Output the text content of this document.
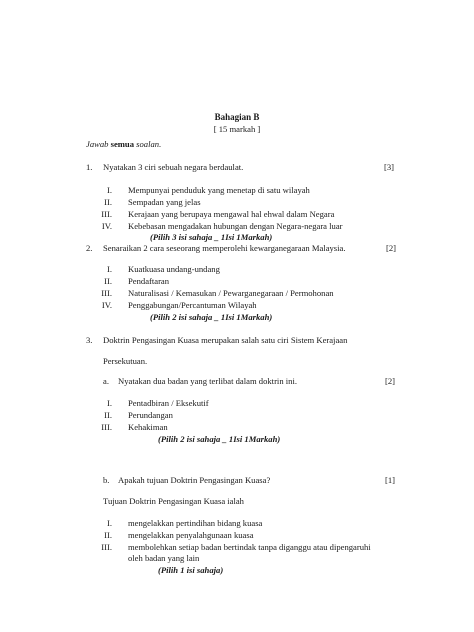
Bahagian B
[ 15 markah ]
Jawab semua soalan.
1. Nyatakan 3 ciri sebuah negara berdaulat.	[3]
I. Mempunyai penduduk yang menetap di satu wilayah
II. Sempadan yang jelas
III. Kerajaan yang berupaya mengawal hal ehwal dalam Negara
IV. Kebebasan mengadakan hubungan dengan Negara-negara luar
(Pilih 3 isi sahaja _ 1Isi 1Markah)
2. Senaraikan 2 cara seseorang memperolehi kewarganegaraan Malaysia.	[2]
I. Kuatkuasa undang-undang
II. Pendaftaran
III. Naturalisasi / Kemasukan / Pewarganegaraan / Permohonan
IV. Penggabungan/Percantuman Wilayah
(Pilih 2 isi sahaja _ 1Isi 1Markah)
3. Doktrin Pengasingan Kuasa merupakan salah satu ciri Sistem Kerajaan
Persekutuan.
a. Nyatakan dua badan yang terlibat dalam doktrin ini.	[2]
I. Pentadbiran / Eksekutif
II. Perundangan
III. Kehakiman
(Pilih 2 isi sahaja _ 1Isi 1Markah)
b. Apakah tujuan Doktrin Pengasingan Kuasa?	[1]
Tujuan Doktrin Pengasingan Kuasa ialah
I. mengelakkan pertindihan bidang kuasa
II. mengelakkan penyalahgunaan kuasa
III. membolehkan setiap badan bertindak tanpa diganggu atau dipengaruhi
oleh badan yang lain
(Pilih 1 isi sahaja)
